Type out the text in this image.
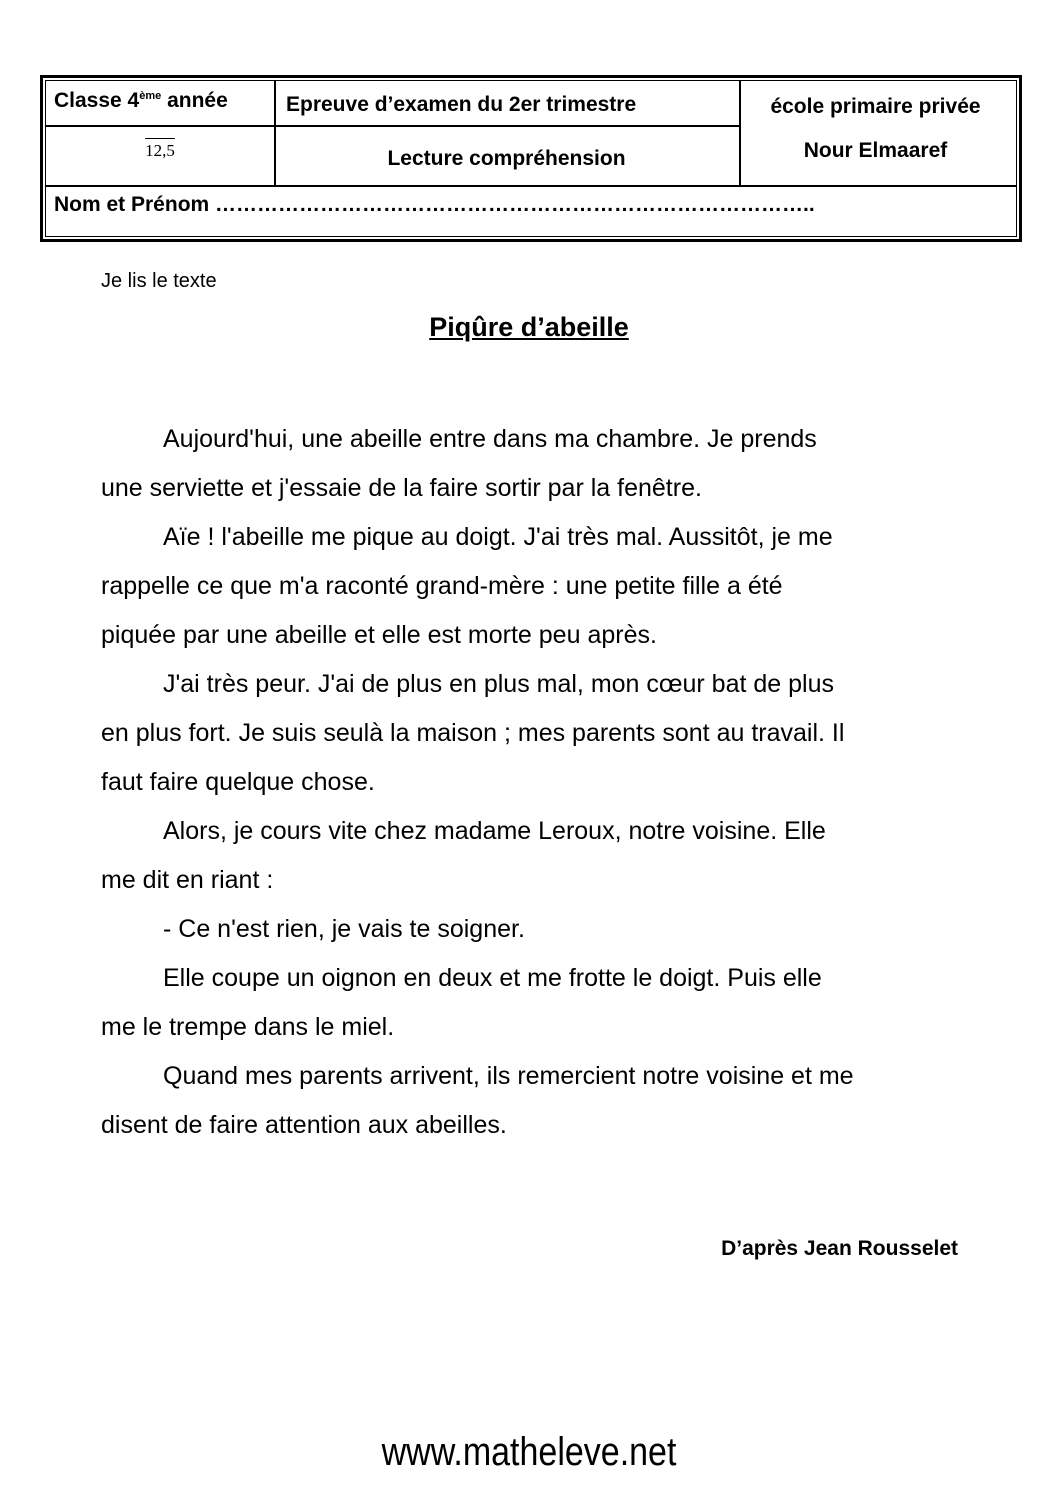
Classe 4ème année
12,5
Epreuve d’examen du 2er trimestre
Lecture compréhension
école primaire privée
Nour Elmaaref
Nom et Prénom …………………………………………………………………………..
Je lis le texte
Piqûre d’abeille
Aujourd'hui, une abeille entre dans ma chambre. Je prends
une serviette et j'essaie de la faire sortir par la fenêtre.
Aïe ! l'abeille me pique au doigt. J'ai très mal. Aussitôt, je me
rappelle ce que m'a raconté grand-mère : une petite fille a été
piquée par une abeille et elle est morte peu après.
J'ai très peur. J'ai de plus en plus mal, mon cœur bat de plus
en plus fort. Je suis seulà la maison ; mes parents sont au travail. Il
faut faire quelque chose.
Alors, je cours vite chez madame Leroux, notre voisine. Elle
me dit en riant :
- Ce n'est rien, je vais te soigner.
Elle coupe un oignon en deux et me frotte le doigt. Puis elle
me le trempe dans le miel.
Quand mes parents arrivent, ils remercient notre voisine et me
disent de faire attention aux abeilles.
D’après Jean Rousselet
www.matheleve.net
